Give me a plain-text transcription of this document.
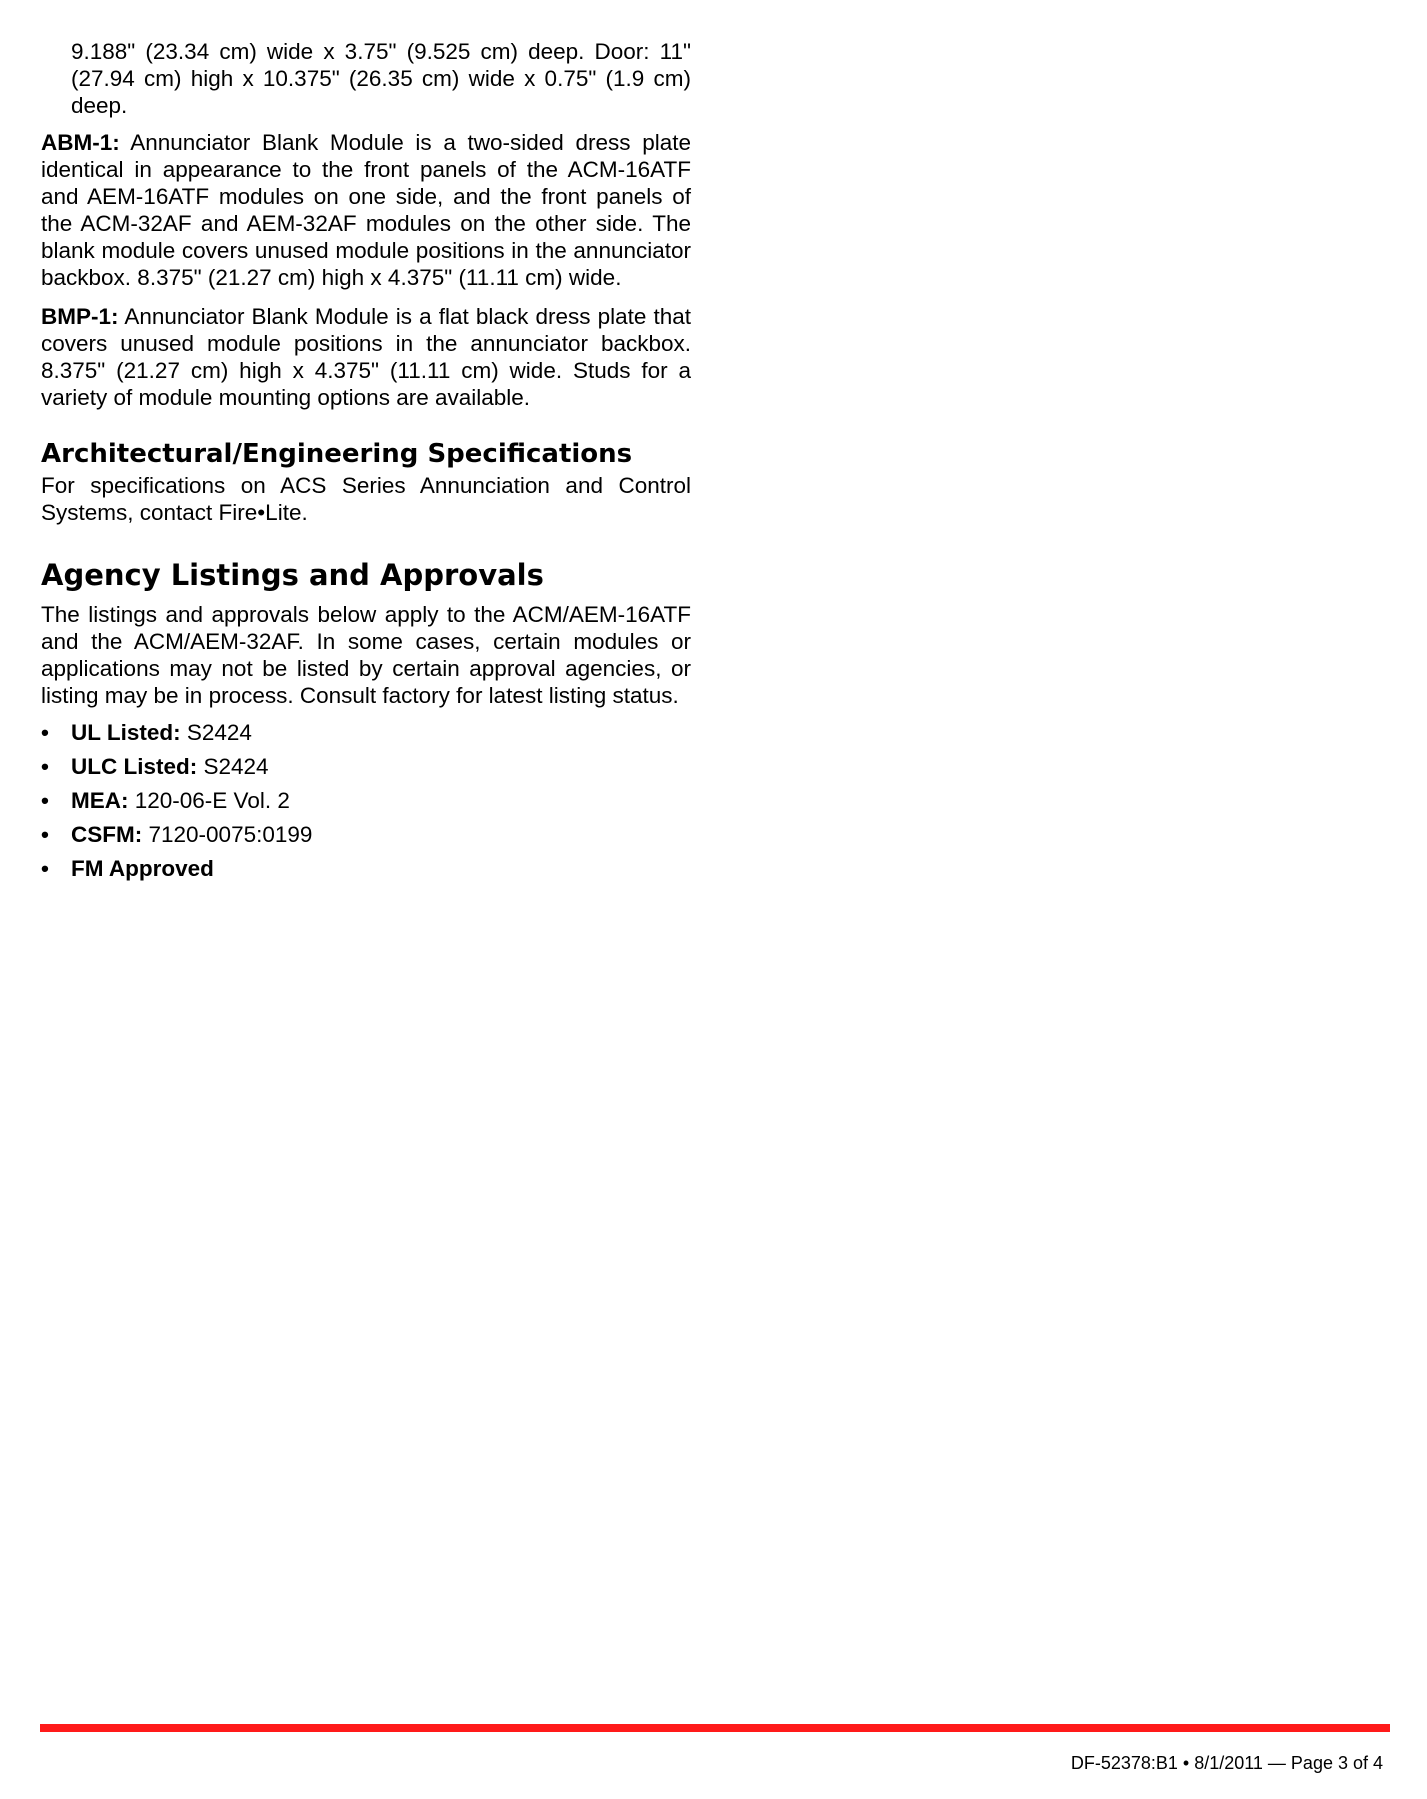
9.188" (23.34 cm) wide x 3.75" (9.525 cm) deep. Door: 11" (27.94 cm) high x 10.375" (26.35 cm) wide x 0.75" (1.9 cm) deep.

ABM-1: Annunciator Blank Module is a two-sided dress plate identical in appearance to the front panels of the ACM-16ATF and AEM-16ATF modules on one side, and the front panels of the ACM-32AF and AEM-32AF modules on the other side. The blank module covers unused module positions in the annunciator backbox. 8.375" (21.27 cm) high x 4.375" (11.11 cm) wide.

BMP-1: Annunciator Blank Module is a flat black dress plate that covers unused module positions in the annunciator backbox. 8.375" (21.27 cm) high x 4.375" (11.11 cm) wide. Studs for a variety of module mounting options are available.

Architectural/Engineering Specifications

For specifications on ACS Series Annunciation and Control Systems, contact Fire•Lite.

Agency Listings and Approvals

The listings and approvals below apply to the ACM/AEM-16ATF and the ACM/AEM-32AF. In some cases, certain modules or applications may not be listed by certain approval agencies, or listing may be in process. Consult factory for latest listing status.

• UL Listed: S2424
• ULC Listed: S2424
• MEA: 120-06-E Vol. 2
• CSFM: 7120-0075:0199
• FM Approved
DF-52378:B1 • 8/1/2011 — Page 3 of 4
